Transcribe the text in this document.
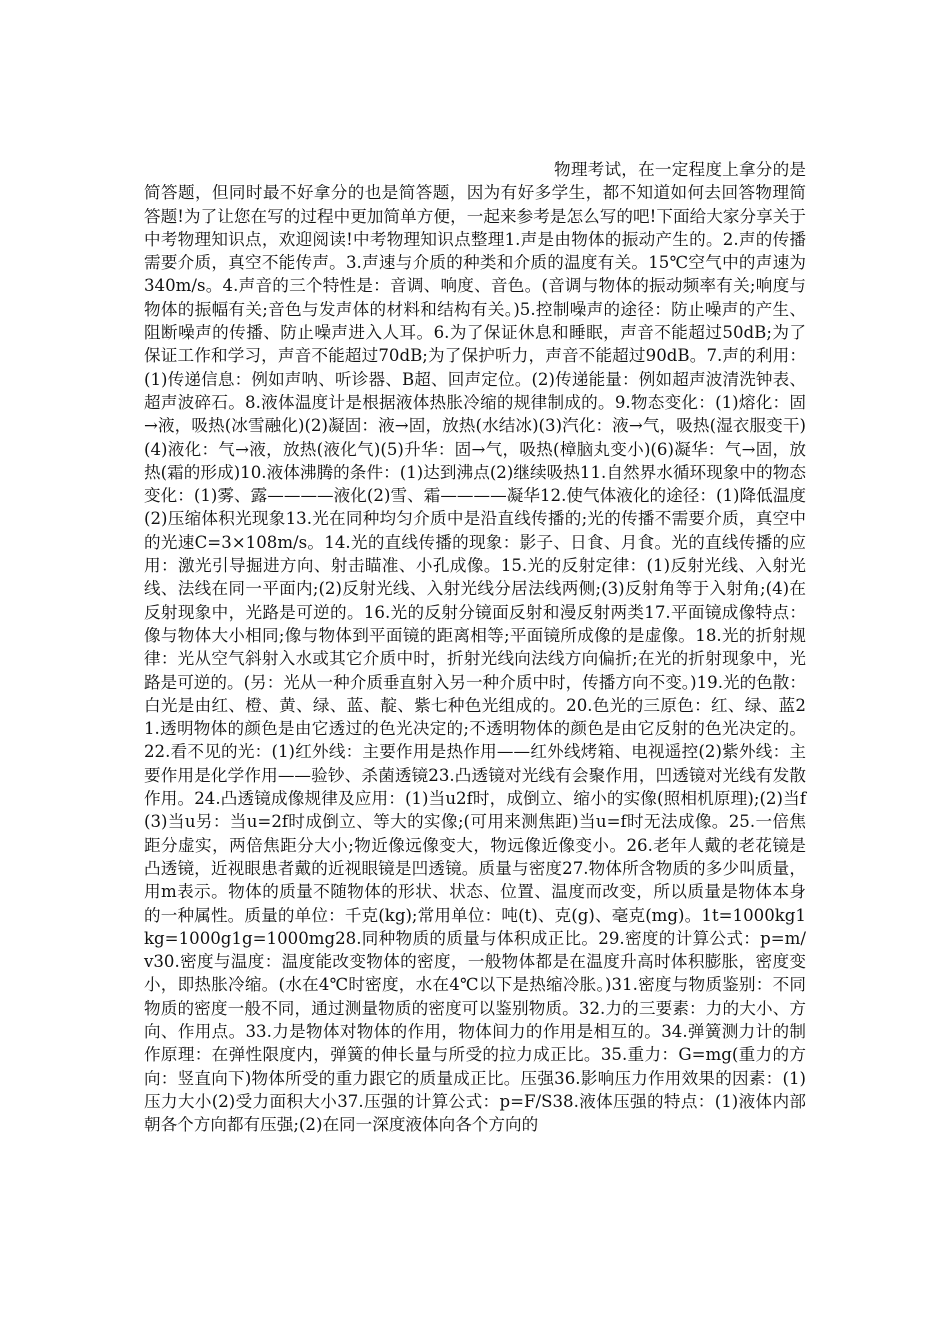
物理考试，在一定程度上拿分的是简答题，但同时最不好拿分的也是简答题，因为有好多学生，都不知道如何去回答物理简答题!为了让您在写的过程中更加简单方便，一起来参考是怎么写的吧!下面给大家分享关于中考物理知识点，欢迎阅读!中考物理知识点整理1.声是由物体的振动产生的。2.声的传播需要介质，真空不能传声。3.声速与介质的种类和介质的温度有关。15℃空气中的声速为340m/s。4.声音的三个特性是：音调、响度、音色。(音调与物体的振动频率有关;响度与物体的振幅有关;音色与发声体的材料和结构有关。)5.控制噪声的途径：防止噪声的产生、阻断噪声的传播、防止噪声进入人耳。6.为了保证休息和睡眠，声音不能超过50dB;为了保证工作和学习，声音不能超过70dB;为了保护听力，声音不能超过90dB。7.声的利用：(1)传递信息：例如声呐、听诊器、B超、回声定位。(2)传递能量：例如超声波清洗钟表、超声波碎石。8.液体温度计是根据液体热胀冷缩的规律制成的。9.物态变化：(1)熔化：固→液，吸热(冰雪融化)(2)凝固：液→固，放热(水结冰)(3)汽化：液→气，吸热(湿衣服变干)(4)液化：气→液，放热(液化气)(5)升华：固→气，吸热(樟脑丸变小)(6)凝华：气→固，放热(霜的形成)10.液体沸腾的条件：(1)达到沸点(2)继续吸热11.自然界水循环现象中的物态变化：(1)雾、露————液化(2)雪、霜————凝华12.使气体液化的途径：(1)降低温度(2)压缩体积光现象13.光在同种均匀介质中是沿直线传播的;光的传播不需要介质，真空中的光速C=3×108m/s。14.光的直线传播的现象：影子、日食、月食。光的直线传播的应用：激光引导掘进方向、射击瞄准、小孔成像。15.光的反射定律：(1)反射光线、入射光线、法线在同一平面内;(2)反射光线、入射光线分居法线两侧;(3)反射角等于入射角;(4)在反射现象中，光路是可逆的。16.光的反射分镜面反射和漫反射两类17.平面镜成像特点：像与物体大小相同;像与物体到平面镜的距离相等;平面镜所成像的是虚像。18.光的折射规律：光从空气斜射入水或其它介质中时，折射光线向法线方向偏折;在光的折射现象中，光路是可逆的。(另：光从一种介质垂直射入另一种介质中时，传播方向不变。)19.光的色散：白光是由红、橙、黄、绿、蓝、靛、紫七种色光组成的。20.色光的三原色：红、绿、蓝21.透明物体的颜色是由它透过的色光决定的;不透明物体的颜色是由它反射的色光决定的。22.看不见的光：(1)红外线：主要作用是热作用——红外线烤箱、电视遥控(2)紫外线：主要作用是化学作用——验钞、杀菌透镜23.凸透镜对光线有会聚作用，凹透镜对光线有发散作用。24.凸透镜成像规律及应用：(1)当u2f时，成倒立、缩小的实像(照相机原理);(2)当f(3)当u另：当u=2f时成倒立、等大的实像;(可用来测焦距)当u=f时无法成像。25.一倍焦距分虚实，两倍焦距分大小;物近像远像变大，物远像近像变小。26.老年人戴的老花镜是凸透镜，近视眼患者戴的近视眼镜是凹透镜。质量与密度27.物体所含物质的多少叫质量，用m表示。物体的质量不随物体的形状、状态、位置、温度而改变，所以质量是物体本身的一种属性。质量的单位：千克(kg);常用单位：吨(t)、克(g)、毫克(mg)。1t=1000kg1kg=1000g1g=1000mg28.同种物质的质量与体积成正比。29.密度的计算公式：p=m/v30.密度与温度：温度能改变物体的密度，一般物体都是在温度升高时体积膨胀，密度变小，即热胀冷缩。(水在4℃时密度，水在4℃以下是热缩冷胀。)31.密度与物质鉴别：不同物质的密度一般不同，通过测量物质的密度可以鉴别物质。32.力的三要素：力的大小、方向、作用点。33.力是物体对物体的作用，物体间力的作用是相互的。34.弹簧测力计的制作原理：在弹性限度内，弹簧的伸长量与所受的拉力成正比。35.重力：G=mg(重力的方向：竖直向下)物体所受的重力跟它的质量成正比。压强36.影响压力作用效果的因素：(1)压力大小(2)受力面积大小37.压强的计算公式：p=F/S38.液体压强的特点：(1)液体内部朝各个方向都有压强;(2)在同一深度液体向各个方向的
